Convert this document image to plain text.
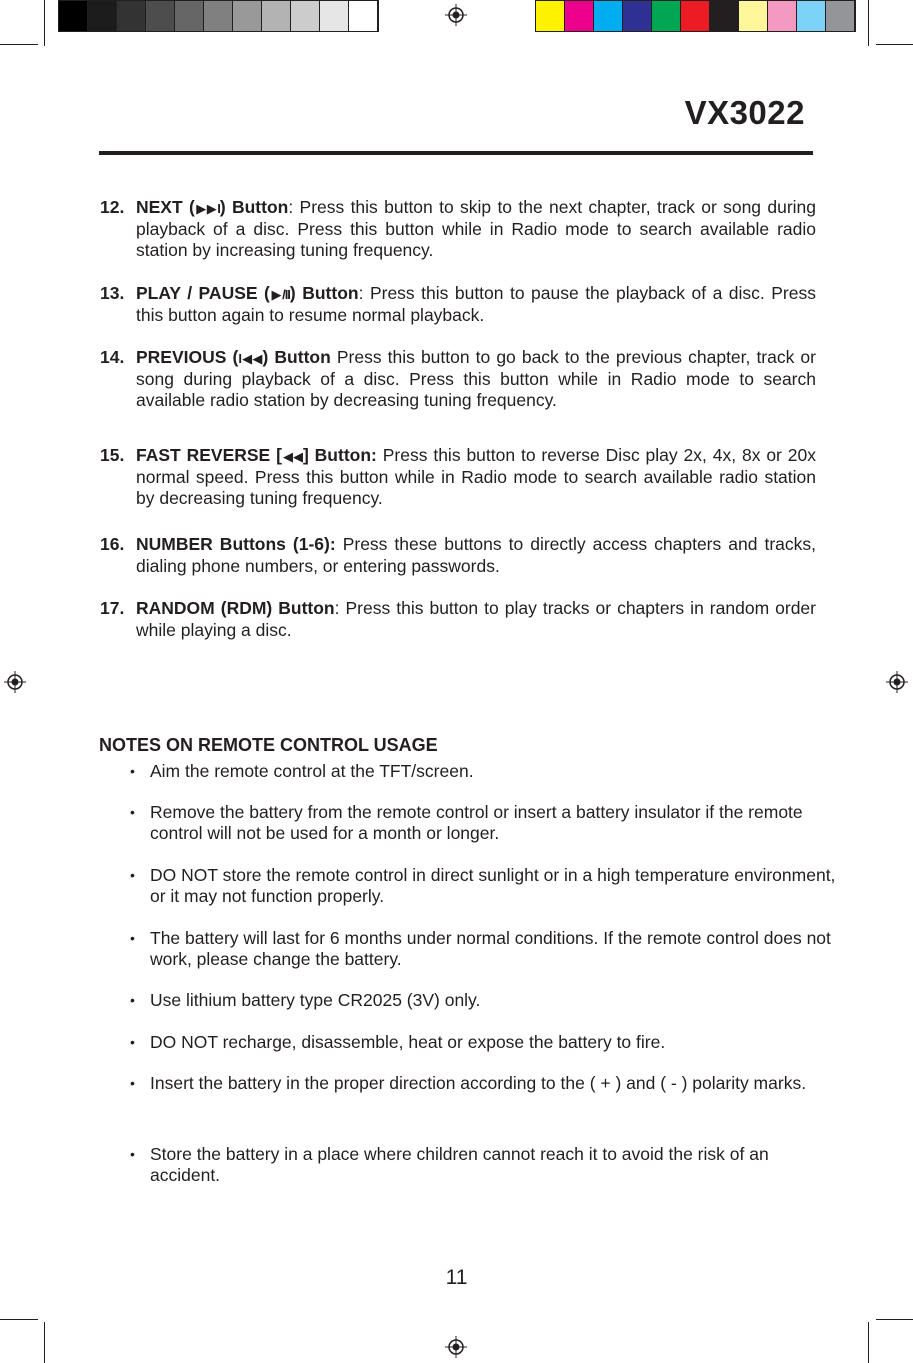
VX3022
12. NEXT (▶▶I) Button: Press this button to skip to the next chapter, track or song during playback of a disc. Press this button while in Radio mode to search available radio station by increasing tuning frequency.
13. PLAY / PAUSE (▶/II) Button: Press this button to pause the playback of a disc. Press this button again to resume normal playback.
14. PREVIOUS (I◀◀) Button Press this button to go back to the previous chapter, track or song during playback of a disc. Press this button while in Radio mode to search available radio station by decreasing tuning frequency.
15. FAST REVERSE [◀◀] Button: Press this button to reverse Disc play 2x, 4x, 8x or 20x normal speed. Press this button while in Radio mode to search available radio station by decreasing tuning frequency.
16. NUMBER Buttons (1-6): Press these buttons to directly access chapters and tracks, dialing phone numbers, or entering passwords.
17. RANDOM (RDM) Button: Press this button to play tracks or chapters in random order while playing a disc.
NOTES ON REMOTE CONTROL USAGE
• Aim the remote control at the TFT/screen.
• Remove the battery from the remote control or insert a battery insulator if the remote control will not be used for a month or longer.
• DO NOT store the remote control in direct sunlight or in a high temperature environment, or it may not function properly.
• The battery will last for 6 months under normal conditions. If the remote control does not work, please change the battery.
• Use lithium battery type CR2025 (3V) only.
• DO NOT recharge, disassemble, heat or expose the battery to fire.
• Insert the battery in the proper direction according to the ( + ) and ( - ) polarity marks.
• Store the battery in a place where children cannot reach it to avoid the risk of an accident.
11
